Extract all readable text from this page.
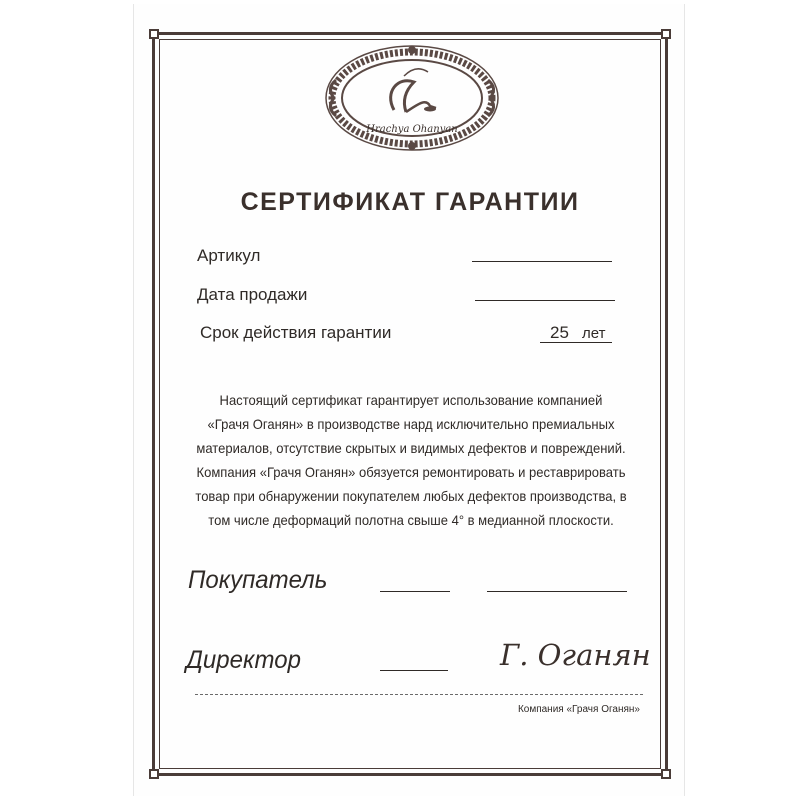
Hrachya Ohanyan
СЕРТИФИКАТ ГАРАНТИИ
Артикул
Дата продажи
Срок действия гарантии	25 лет
Настоящий сертификат гарантирует использование компанией
«Грачя Оганян» в производстве нард исключительно премиальных
материалов, отсутствие скрытых и видимых дефектов и повреждений.
Компания «Грачя Оганян» обязуется ремонтировать и реставрировать
товар при обнаружении покупателем любых дефектов производства, в
том числе деформаций полотна свыше 4° в медианной плоскости.
Покупатель
Директор	Г. Оганян
Компания «Грачя Оганян»
